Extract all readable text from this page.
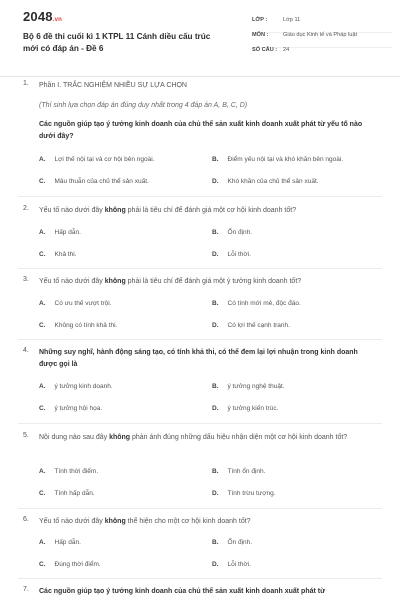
2048.vn
Bộ 6 đề thi cuối kì 1 KTPL 11 Cánh diều cấu trúc mới có đáp án - Đề 6
LỚP :	Lớp 11
MÔN :	Giáo dục Kinh tế và Pháp luật
SỐ CÂU : 24
1. Phần I. TRẮC NGHIỆM NHIỀU SỰ LỰA CHỌN
(Thí sinh lựa chọn đáp án đúng duy nhất trong 4 đáp án A, B, C, D)
Các nguồn giúp tạo ý tưởng kinh doanh của chủ thể sản xuất kinh doanh xuất phát từ yếu tố nào dưới đây?
A. Lợi thế nội tại và cơ hội bên ngoài.	B. Điểm yếu nội tại và khó khăn bên ngoài.
C. Mâu thuẫn của chủ thể sản xuất.	D. Khó khăn của chủ thể sản xuất.
2. Yếu tố nào dưới đây không phải là tiêu chí để đánh giá một cơ hội kinh doanh tốt?
A. Hấp dẫn.	B. Ổn định.
C. Khả thi.	D. Lỗi thời.
3. Yếu tố nào dưới đây không phải là tiêu chí để đánh giá một ý tưởng kinh doanh tốt?
A. Có ưu thế vượt trội.	B. Có tính mới mẻ, độc đáo.
C. Không có tính khả thi.	D. Có lợi thế cạnh tranh.
4. Những suy nghĩ, hành động sáng tạo, có tính khả thi, có thể đem lại lợi nhuận trong kinh doanh được gọi là
A. ý tưởng kinh doanh.	B. ý tưởng nghệ thuật.
C. ý tưởng hội họa.	D. ý tưởng kiến trúc.
5. Nội dung nào sau đây không phản ánh đúng những dấu hiệu nhận diện một cơ hội kinh doanh tốt?
A. Tính thời điểm.	B. Tính ổn định.
C. Tính hấp dẫn.	D. Tính trừu tượng.
6. Yếu tố nào dưới đây không thể hiện cho một cơ hội kinh doanh tốt?
A. Hấp dẫn.	B. Ổn định.
C. Đúng thời điểm.	D. Lỗi thời.
7. Các nguồn giúp tạo ý tưởng kinh doanh của chủ thể sản xuất kinh doanh xuất phát từ
